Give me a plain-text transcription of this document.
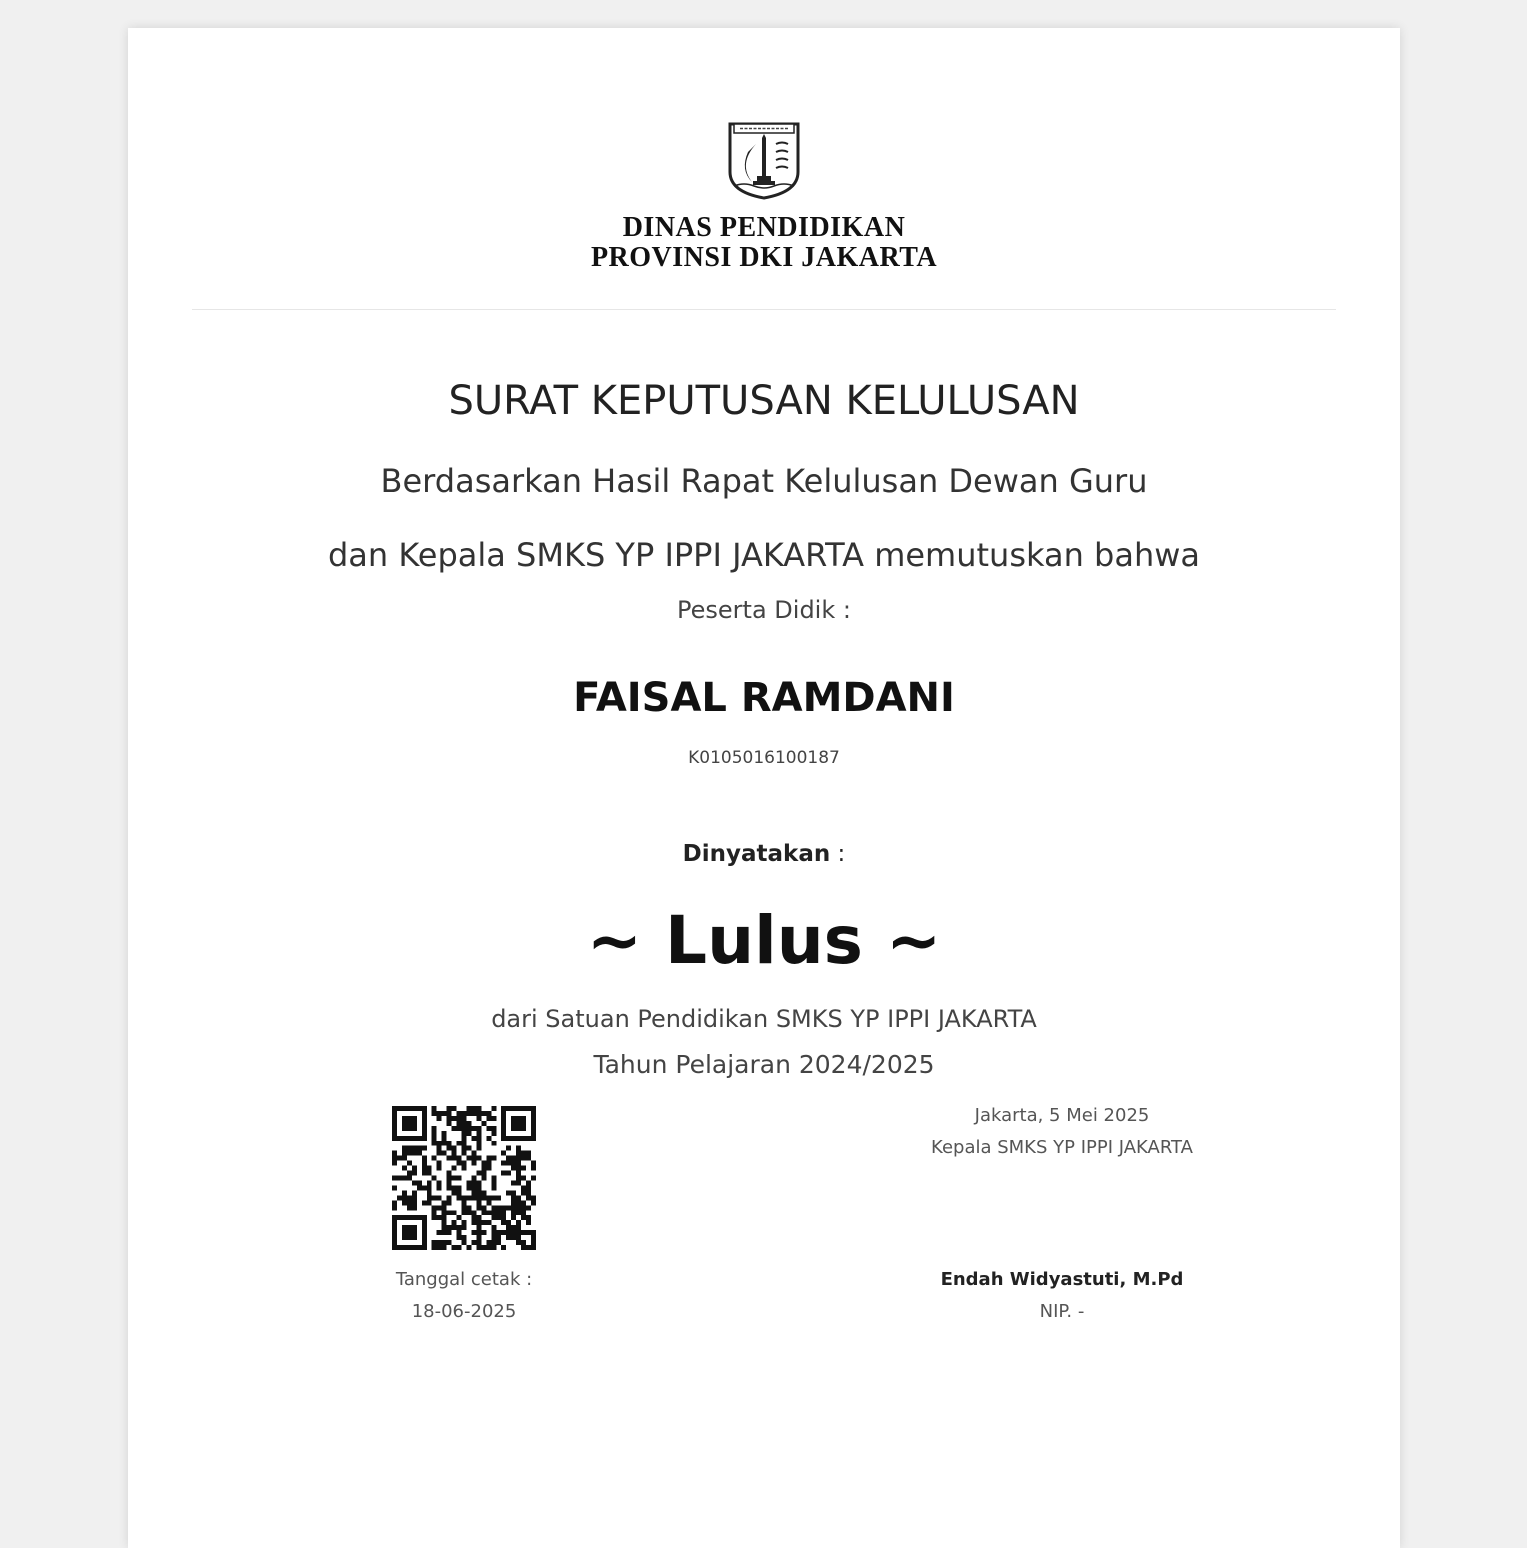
DINAS PENDIDIKAN
PROVINSI DKI JAKARTA
SURAT KEPUTUSAN KELULUSAN
Berdasarkan Hasil Rapat Kelulusan Dewan Guru
dan Kepala SMKS YP IPPI JAKARTA memutuskan bahwa
Peserta Didik :
FAISAL RAMDANI
K0105016100187
Dinyatakan :
~ Lulus ~
dari Satuan Pendidikan SMKS YP IPPI JAKARTA
Tahun Pelajaran 2024/2025
Tanggal cetak :
18-06-2025
Jakarta, 5 Mei 2025
Kepala SMKS YP IPPI JAKARTA
Endah Widyastuti, M.Pd
NIP. -
